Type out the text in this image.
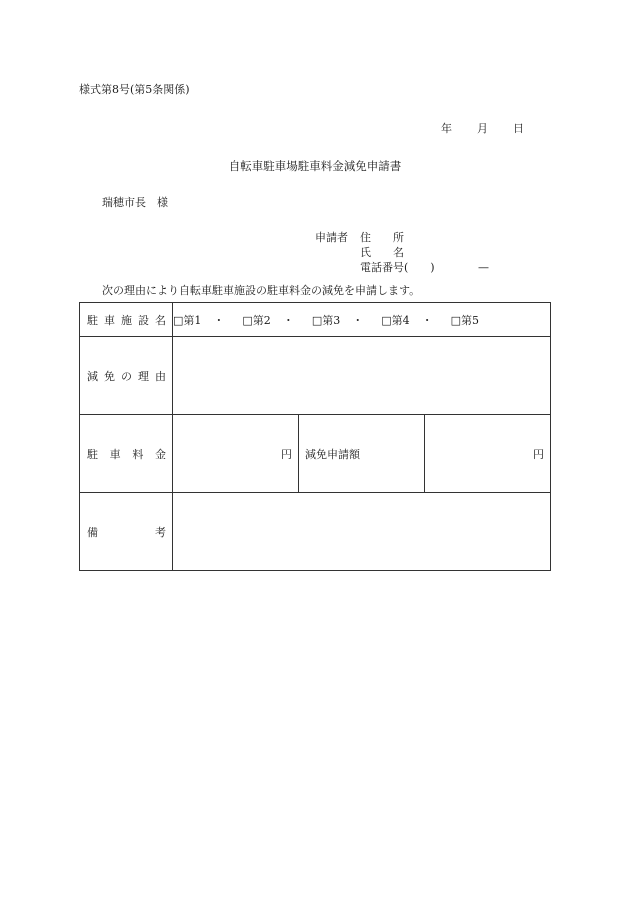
様式第8号(第5条関係)
年 月 日
自転車駐車場駐車料金減免申請書
瑞穂市長　様
申請者	住　　所
氏　　名
電話番号(　　)	—
次の理由により自転車駐車施設の駐車料金の減免を申請します。
駐 車 施 設 名	□第1 ・ □第2 ・ □第3 ・ □第4 ・ □第5		

減 免 の 理 由			

駐 車 料 金	円	減免申請額	円

備 考			
